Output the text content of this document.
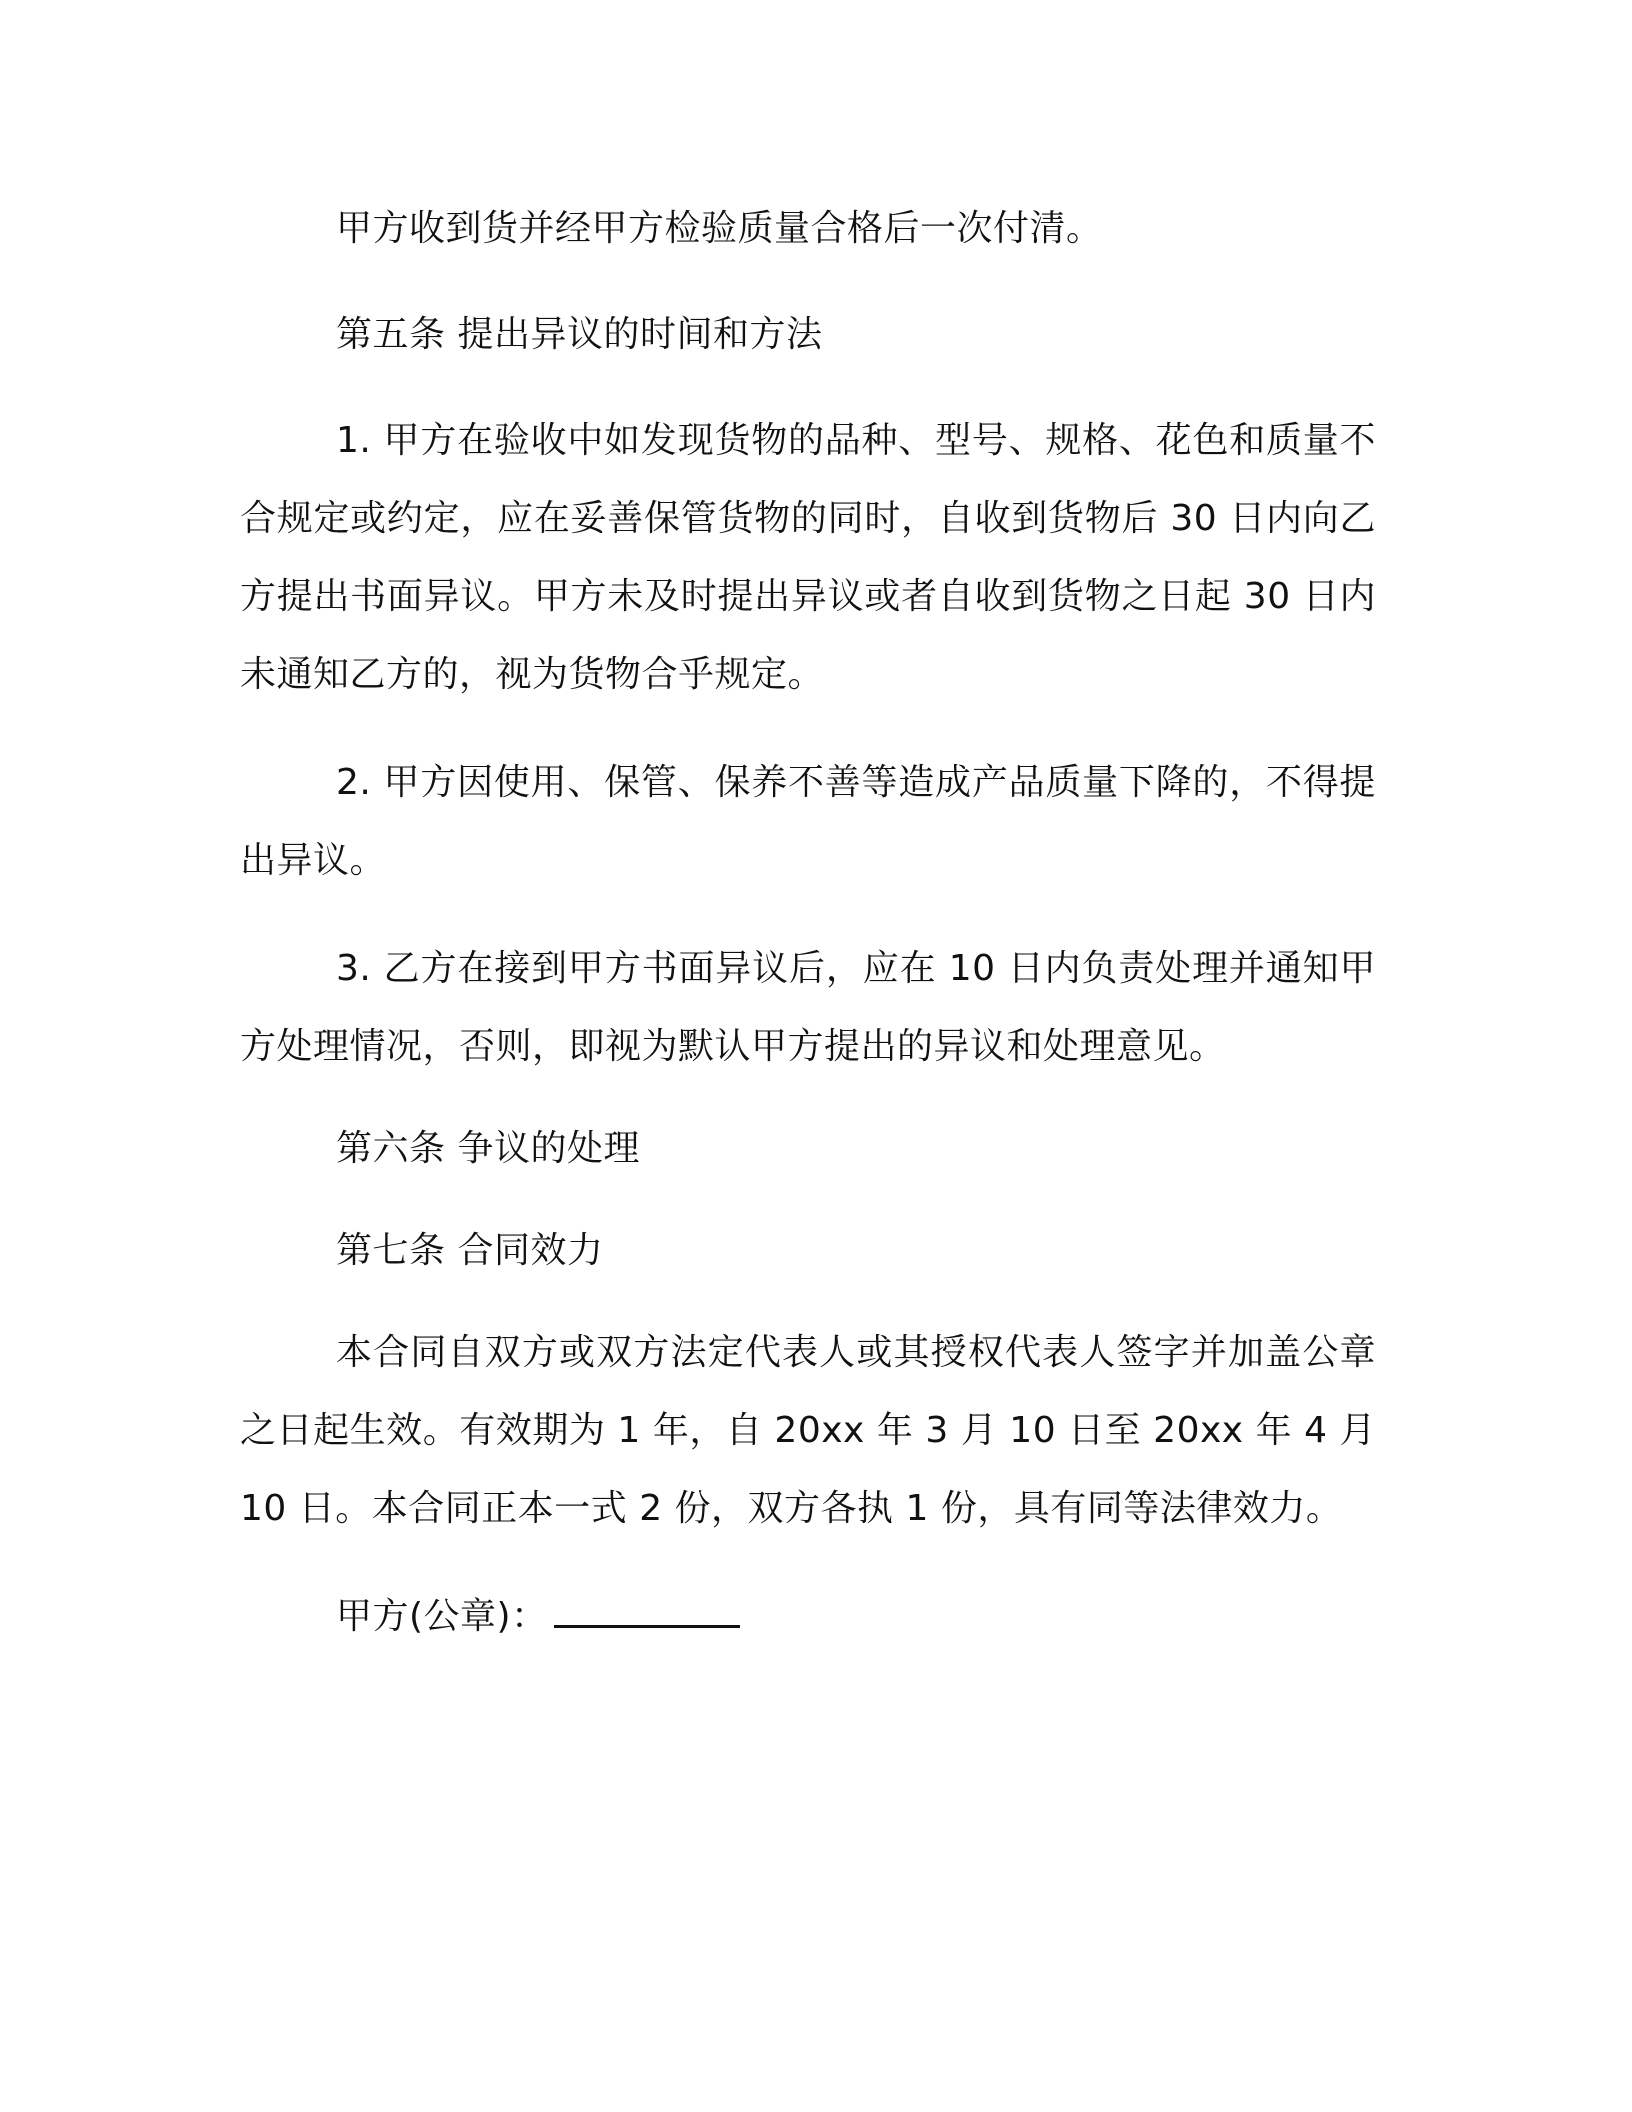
甲方收到货并经甲方检验质量合格后一次付清。

第五条 提出异议的时间和方法

1. 甲方在验收中如发现货物的品种、型号、规格、花色和质量不合规定或约定，应在妥善保管货物的同时，自收到货物后 30 日内向乙方提出书面异议。甲方未及时提出异议或者自收到货物之日起 30 日内未通知乙方的，视为货物合乎规定。

2. 甲方因使用、保管、保养不善等造成产品质量下降的，不得提出异议。

3. 乙方在接到甲方书面异议后，应在 10 日内负责处理并通知甲方处理情况，否则，即视为默认甲方提出的异议和处理意见。

第六条 争议的处理

第七条 合同效力

本合同自双方或双方法定代表人或其授权代表人签字并加盖公章之日起生效。有效期为 1 年，自 20xx 年 3 月 10 日至 20xx 年 4 月 10 日。本合同正本一式 2 份，双方各执 1 份，具有同等法律效力。

甲方(公章)：
